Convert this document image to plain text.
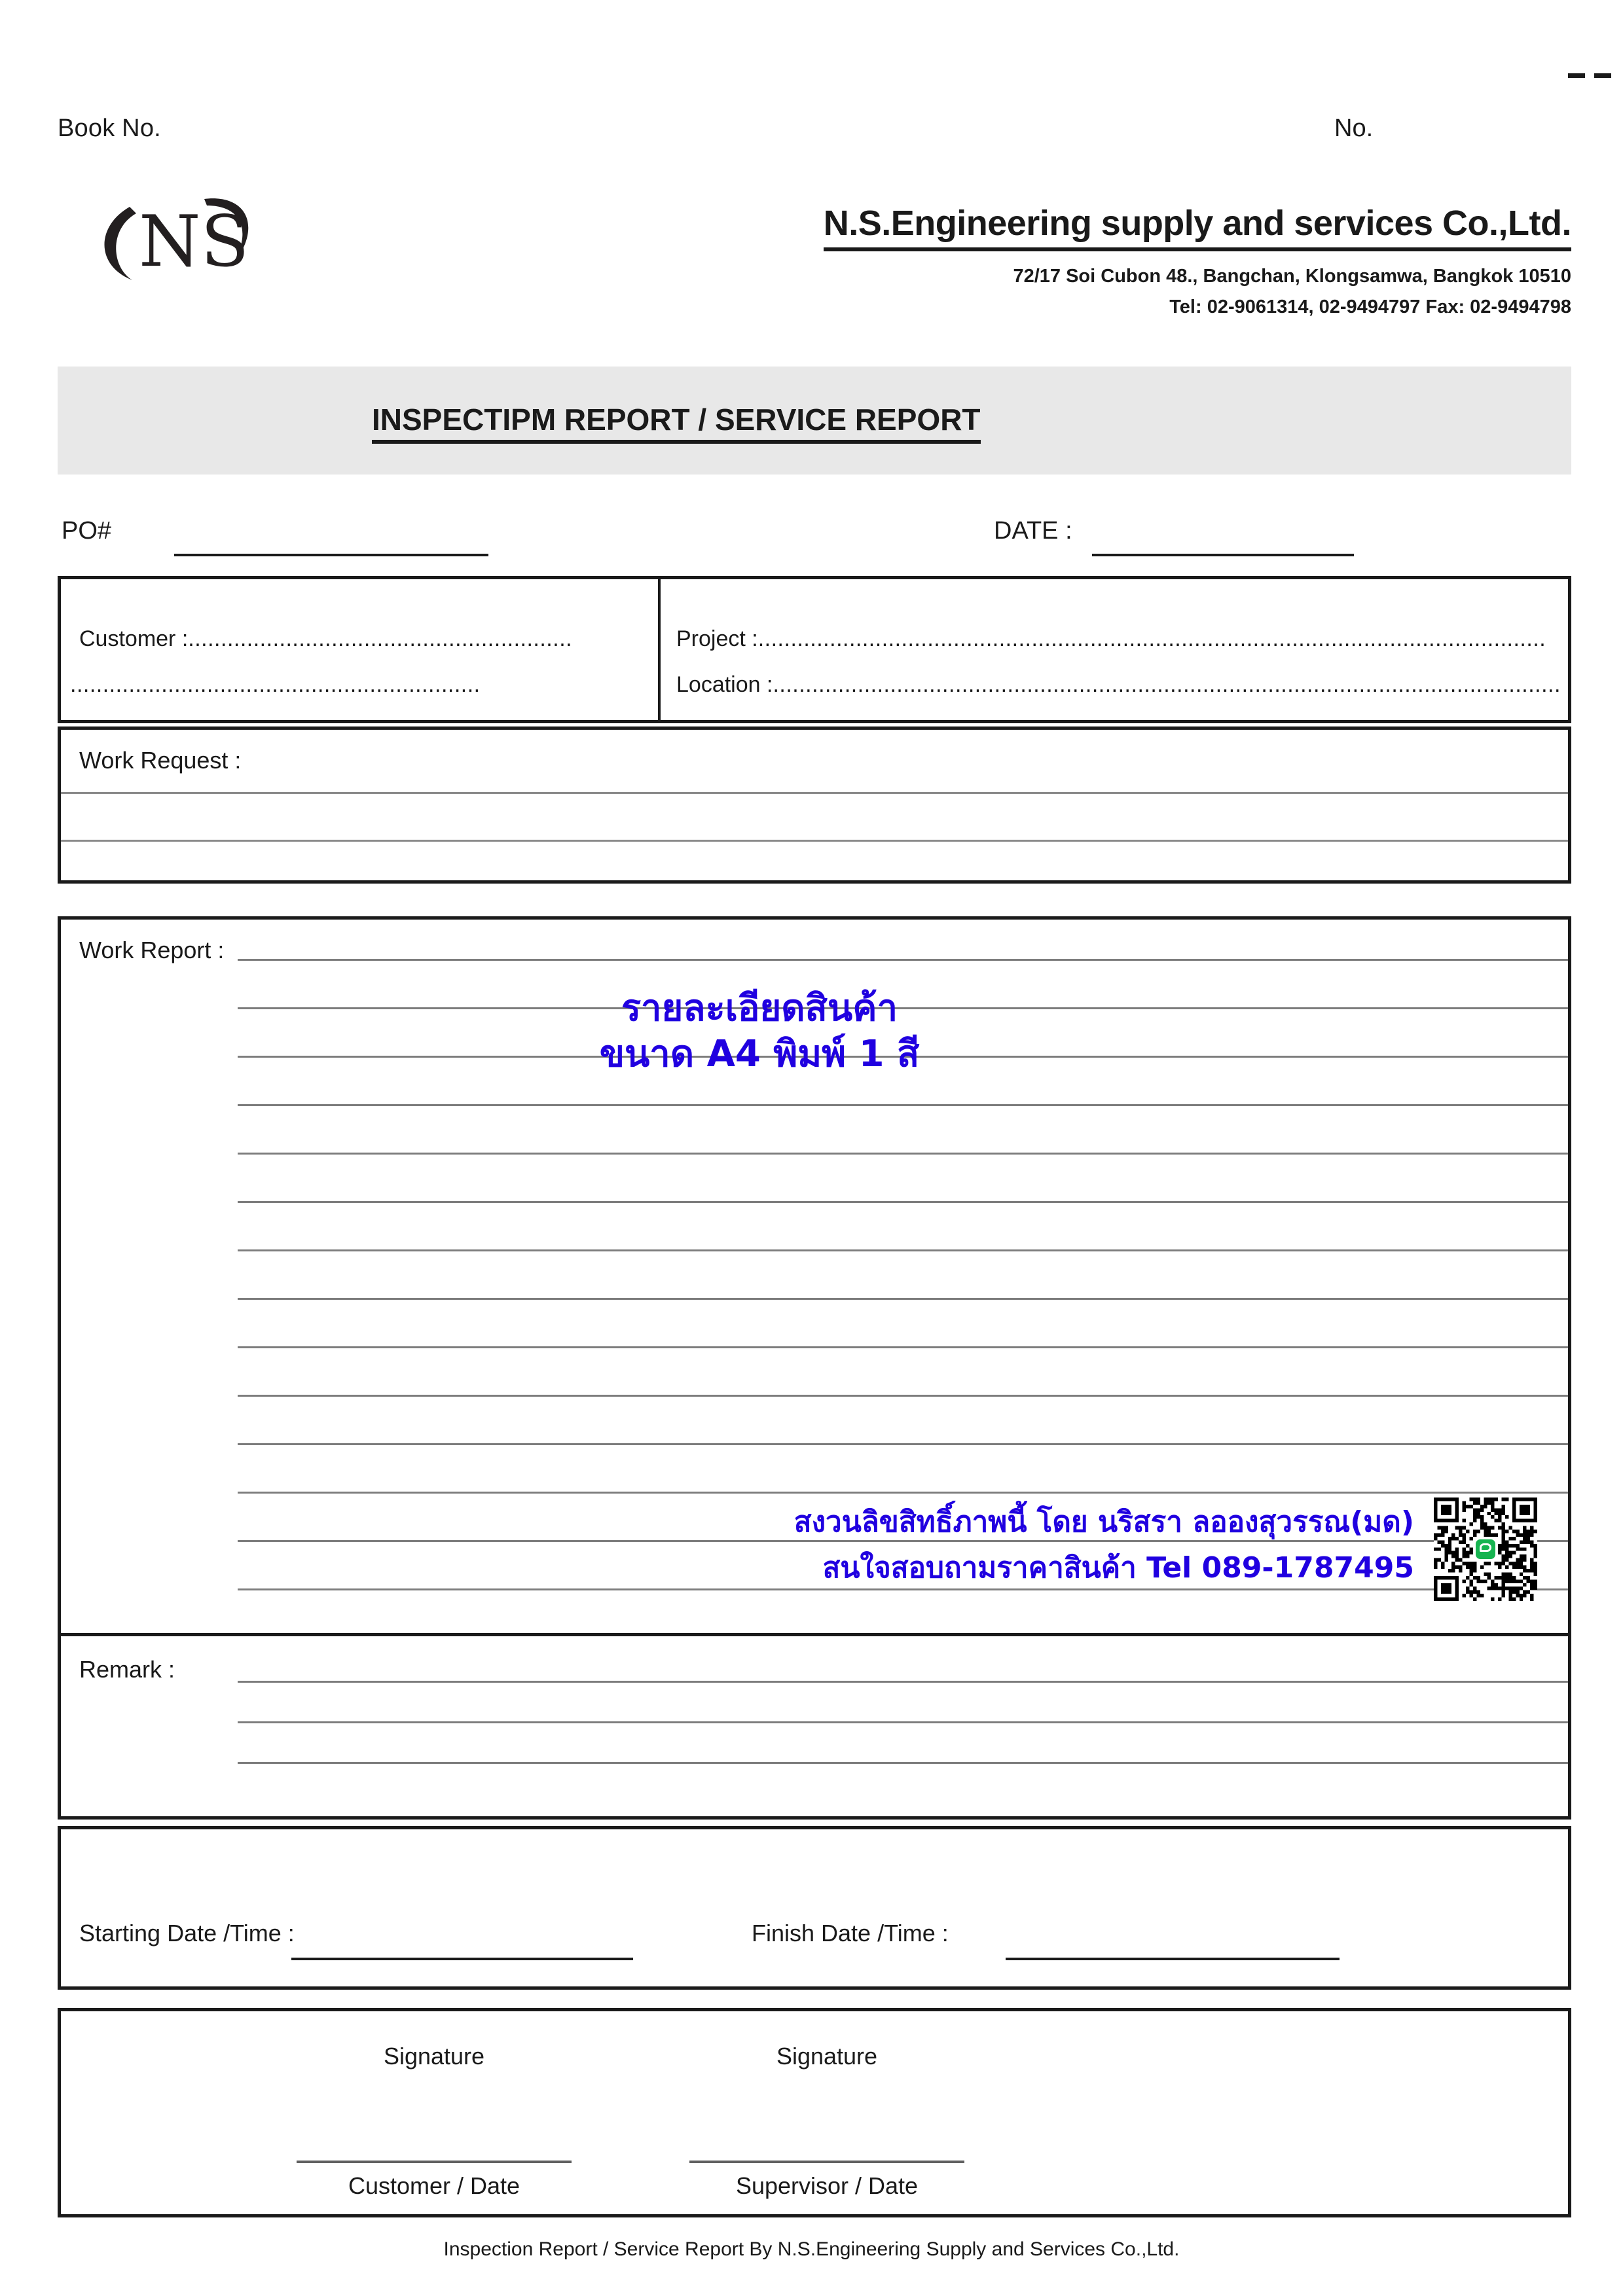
Book No.	No.
NS	N.S.Engineering supply and services Co.,Ltd.
72/17 Soi Cubon 48., Bangchan, Klongsamwa, Bangkok 10510
Tel: 02-9061314, 02-9494797 Fax: 02-9494798
INSPECTIPM REPORT / SERVICE REPORT
PO#	DATE :
Customer :...........................................................
...............................................................
Project :.........................................................................................................................
Location :.........................................................................................................................
Work Request :
Work Report :
รายละเอียดสินค้า
ขนาด A4 พิมพ์ 1 สี
สงวนลิขสิทธิ์ภาพนี้ โดย นริสรา ลอองสุวรรณ(มด)
สนใจสอบถามราคาสินค้า Tel 089-1787495
Remark :
Starting Date /Time :	Finish Date /Time :
Signature
Customer / Date
Signature
Supervisor / Date
Inspection Report / Service Report By N.S.Engineering Supply and Services Co.,Ltd.
